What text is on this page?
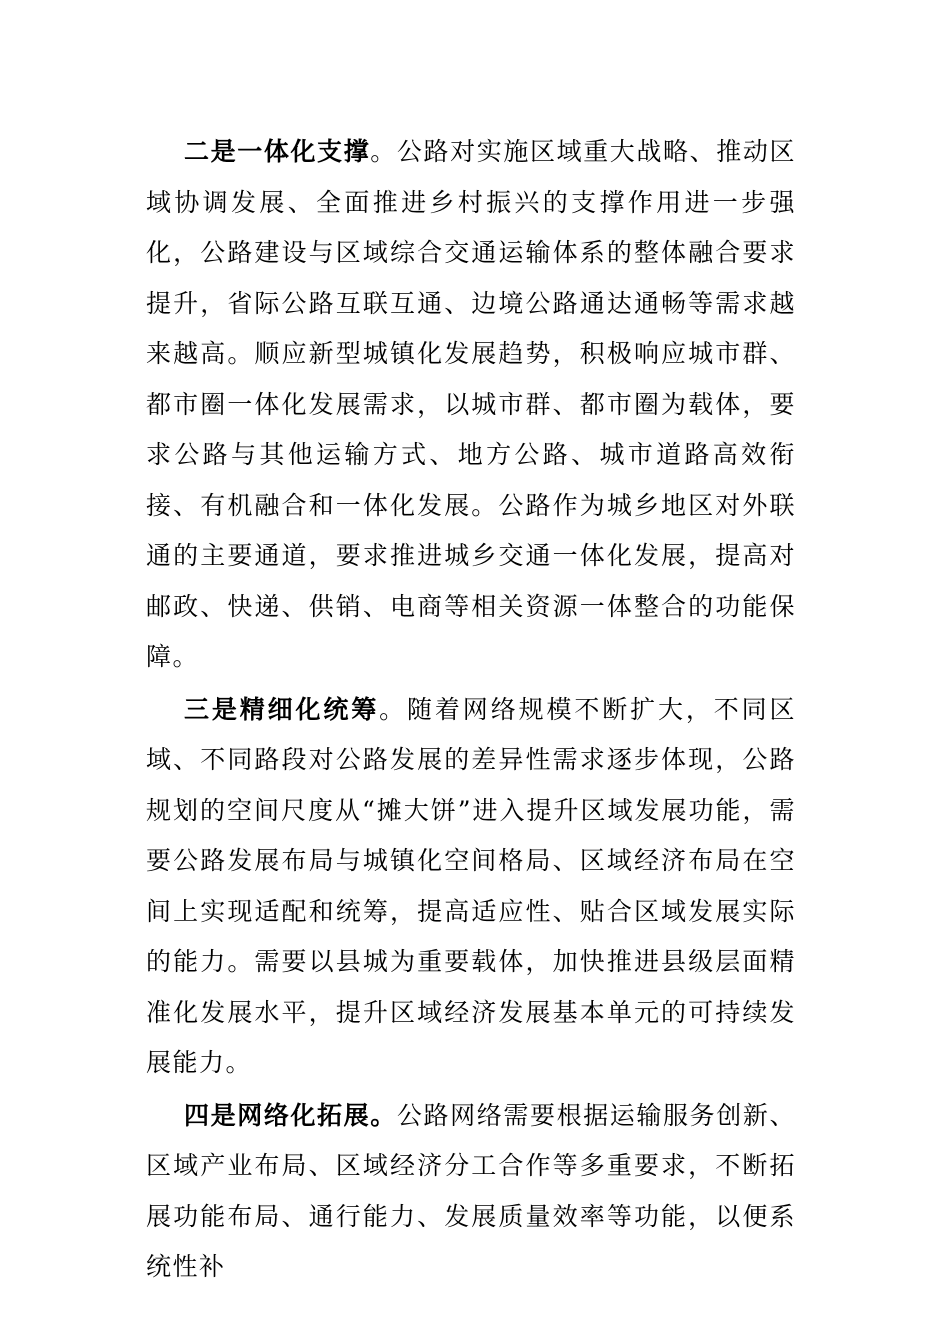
二是一体化支撑。公路对实施区域重大战略、推动区域协调发展、全面推进乡村振兴的支撑作用进一步强化，公路建设与区域综合交通运输体系的整体融合要求提升，省际公路互联互通、边境公路通达通畅等需求越来越高。顺应新型城镇化发展趋势，积极响应城市群、都市圈一体化发展需求，以城市群、都市圈为载体，要求公路与其他运输方式、地方公路、城市道路高效衔接、有机融合和一体化发展。公路作为城乡地区对外联通的主要通道，要求推进城乡交通一体化发展，提高对邮政、快递、供销、电商等相关资源一体整合的功能保障。

三是精细化统筹。随着网络规模不断扩大，不同区域、不同路段对公路发展的差异性需求逐步体现，公路规划的空间尺度从“摊大饼”进入提升区域发展功能，需要公路发展布局与城镇化空间格局、区域经济布局在空间上实现适配和统筹，提高适应性、贴合区域发展实际的能力。需要以县城为重要载体，加快推进县级层面精准化发展水平，提升区域经济发展基本单元的可持续发展能力。

四是网络化拓展。公路网络需要根据运输服务创新、区域产业布局、区域经济分工合作等多重要求，不断拓展功能布局、通行能力、发展质量效率等功能，以便系统性补
